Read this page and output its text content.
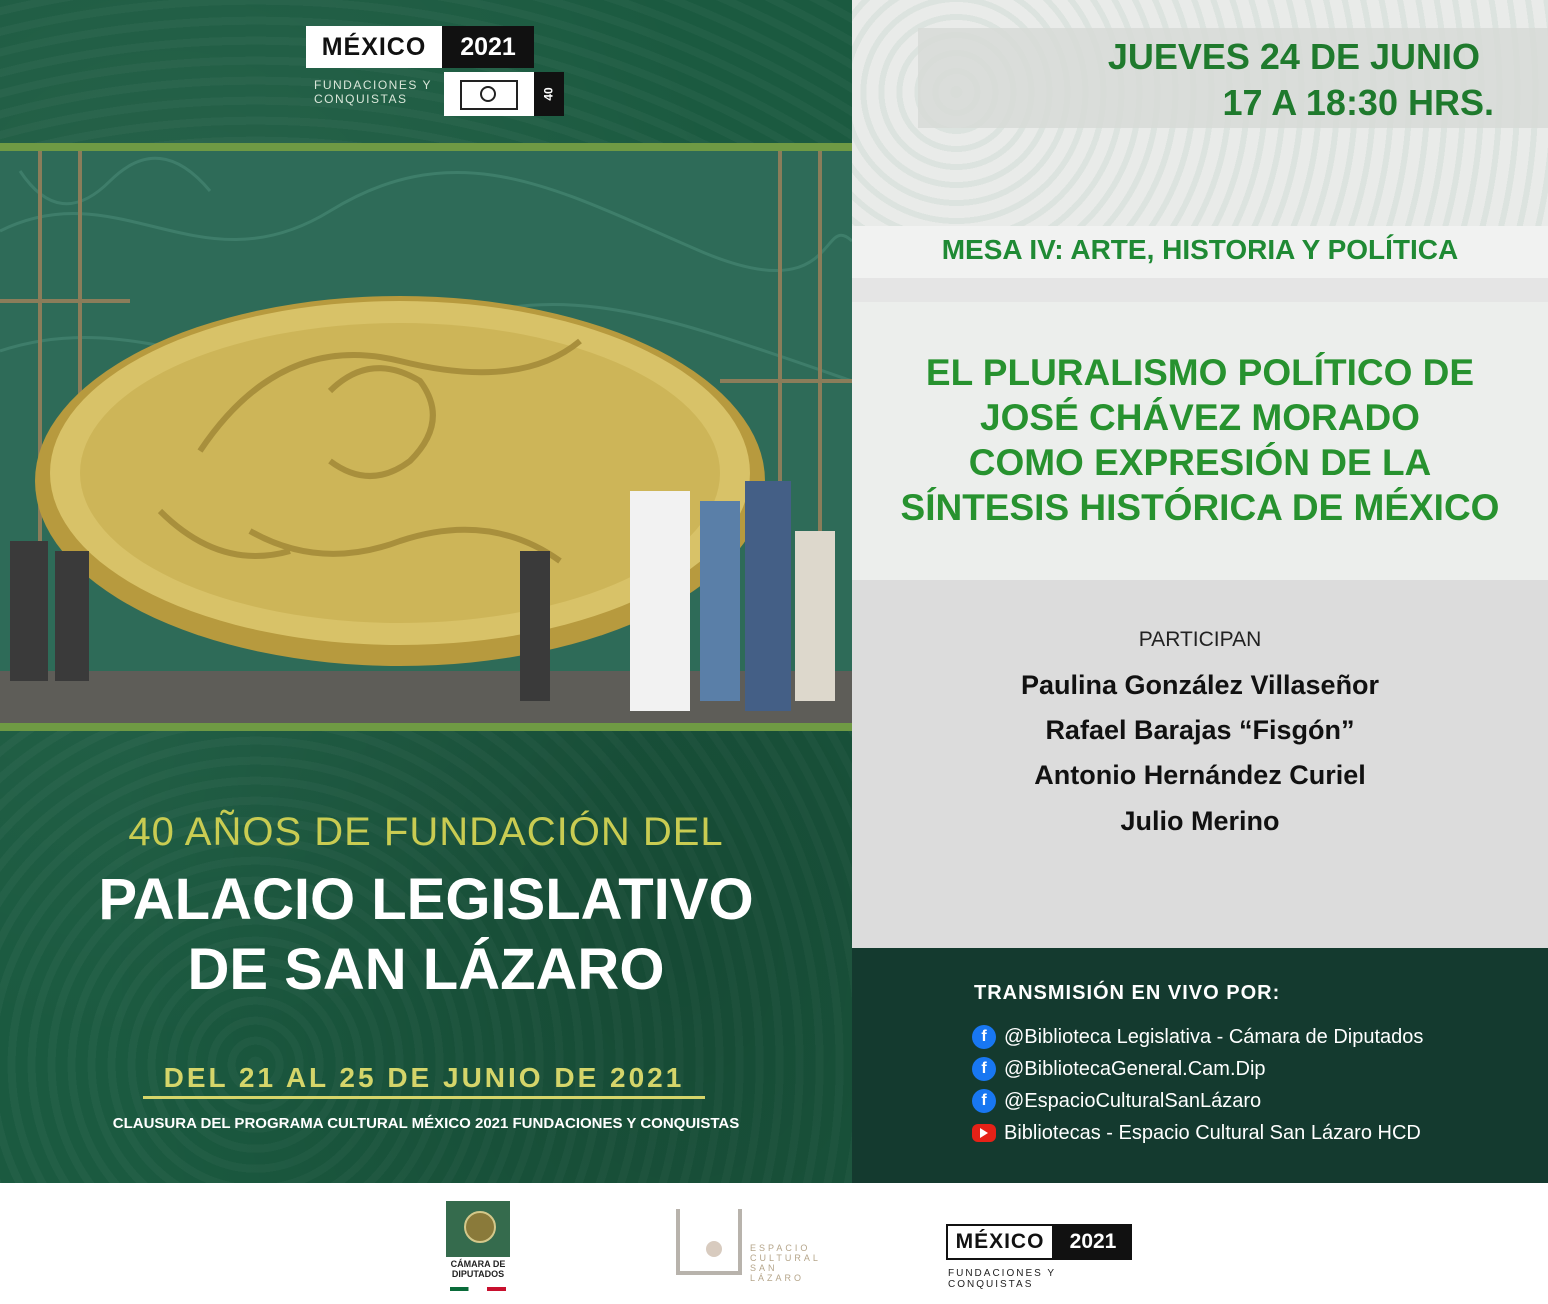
MÉXICO	2021
FUNDACIONES Y CONQUISTAS	40
40 AÑOS DE FUNDACIÓN DEL
PALACIO LEGISLATIVO
DE SAN LÁZARO
DEL 21 AL 25 DE JUNIO DE 2021
CLAUSURA DEL PROGRAMA CULTURAL MÉXICO 2021 FUNDACIONES Y CONQUISTAS
JUEVES 24 DE JUNIO
17 A 18:30 HRS.
MESA IV: ARTE, HISTORIA Y POLÍTICA
EL PLURALISMO POLÍTICO DE
JOSÉ CHÁVEZ MORADO
COMO EXPRESIÓN DE LA
SÍNTESIS HISTÓRICA DE MÉXICO
PARTICIPAN
Paulina González Villaseñor
Rafael Barajas “Fisgón”
Antonio Hernández Curiel
Julio Merino
TRANSMISIÓN EN VIVO POR:
f @Biblioteca Legislativa - Cámara de Diputados
f @BibliotecaGeneral.Cam.Dip
f @EspacioCulturalSanLázaro
Bibliotecas - Espacio Cultural San Lázaro HCD
CÁMARA DE DIPUTADOS
ESPACIO CULTURAL SAN LÁZARO
MÉXICO	2021
FUNDACIONES Y CONQUISTAS
